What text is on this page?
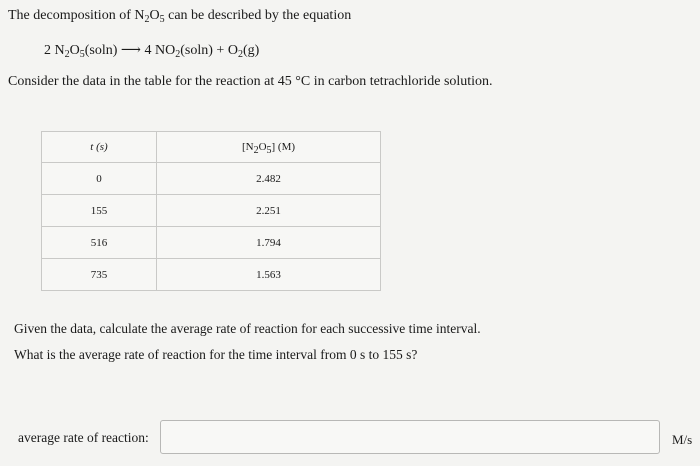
The decomposition of $N_2O_5$ can be described by the equation
2 $N_2O_5(soln)$ ⟶ 4 $NO_2(soln) + O_2(g)$
Consider the data in the table for the reaction at 45 °C in carbon tetrachloride solution.
t (s)	$[N_2O_5]$ (M)
0	2.482
155	2.251
516	1.794
735	1.563
Given the data, calculate the average rate of reaction for each successive time interval.
What is the average rate of reaction for the time interval from 0 s to 155 s?
average rate of reaction:	M/s
